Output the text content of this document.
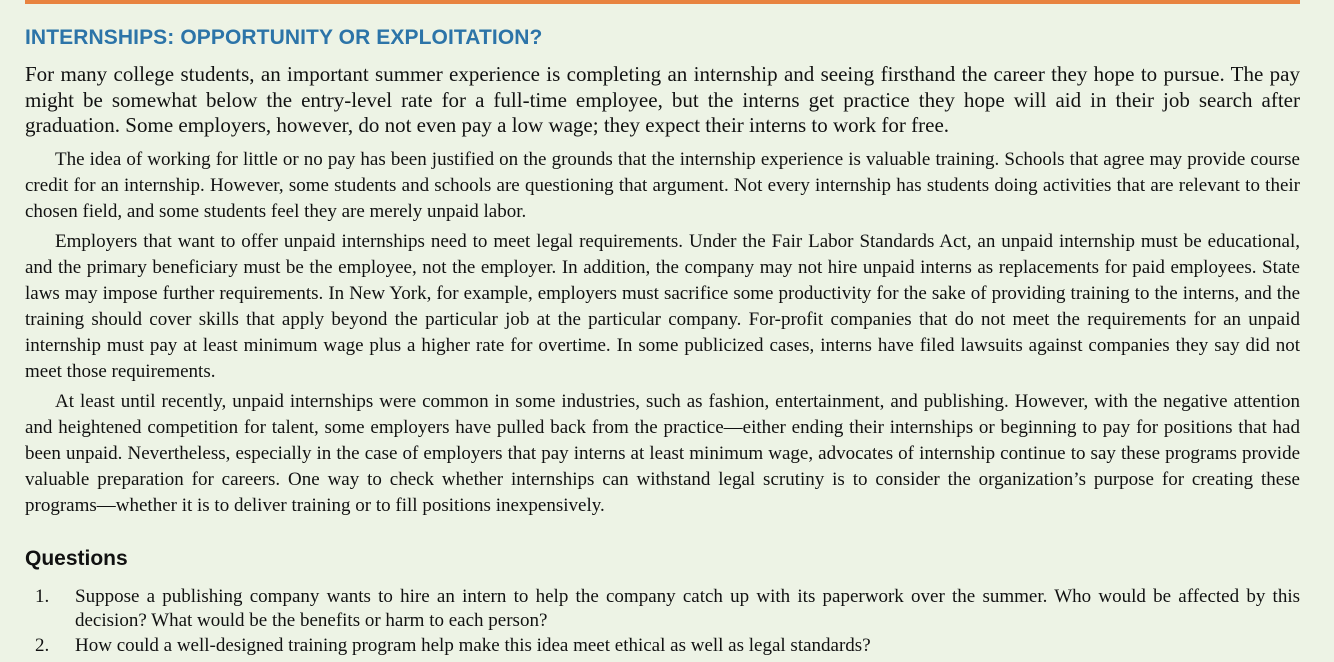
INTERNSHIPS: OPPORTUNITY OR EXPLOITATION?

For many college students, an important summer experience is completing an internship and seeing firsthand the career they hope to pursue. The pay might be somewhat below the entry-level rate for a full-time employee, but the interns get practice they hope will aid in their job search after graduation. Some employers, however, do not even pay a low wage; they expect their interns to work for free.

The idea of working for little or no pay has been justified on the grounds that the internship experience is valuable training. Schools that agree may provide course credit for an internship. However, some students and schools are questioning that argument. Not every internship has students doing activities that are relevant to their chosen field, and some students feel they are merely unpaid labor.

Employers that want to offer unpaid internships need to meet legal requirements. Under the Fair Labor Standards Act, an unpaid internship must be educational, and the primary beneficiary must be the employee, not the employer. In addition, the company may not hire unpaid interns as replacements for paid employees. State laws may impose further requirements. In New York, for example, employers must sacrifice some productivity for the sake of providing training to the interns, and the training should cover skills that apply beyond the particular job at the particular company. For-profit companies that do not meet the requirements for an unpaid internship must pay at least minimum wage plus a higher rate for overtime. In some publicized cases, interns have filed lawsuits against companies they say did not meet those requirements.

At least until recently, unpaid internships were common in some industries, such as fashion, entertainment, and publishing. However, with the negative attention and heightened competition for talent, some employers have pulled back from the practice—either ending their internships or beginning to pay for positions that had been unpaid. Nevertheless, especially in the case of employers that pay interns at least minimum wage, advocates of internship continue to say these programs provide valuable preparation for careers. One way to check whether internships can withstand legal scrutiny is to consider the organization’s purpose for creating these programs—whether it is to deliver training or to fill positions inexpensively.

Questions
1. Suppose a publishing company wants to hire an intern to help the company catch up with its paperwork over the summer. Who would be affected by this decision? What would be the benefits or harm to each person?
2. How could a well-designed training program help make this idea meet ethical as well as legal standards?
